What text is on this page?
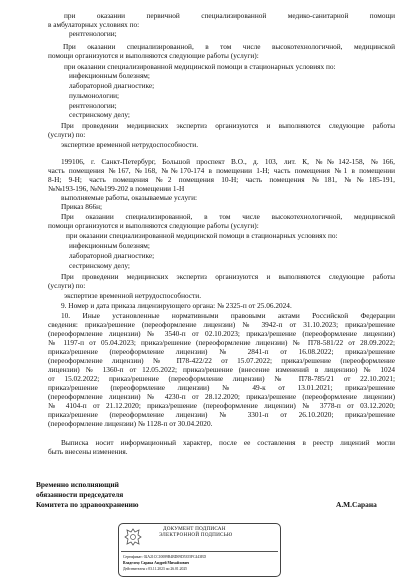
при оказании первичной специализированной медико-санитарной помощи
в амбулаторных условиях по:
рентгенологии;
При оказании специализированной, в том числе высокотехнологичной, медицинской
помощи организуются и выполняются следующие работы (услуги):
при оказании специализированной медицинской помощи в стационарных условиях по:
инфекционным болезням;
лабораторной диагностике;
пульмонологии;
рентгенологии;
сестринскому делу;
При проведении медицинских экспертиз организуются и выполняются следующие работы
(услуги) по:
экспертизе временной нетрудоспособности.
199106, г. Санкт-Петербург, Большой проспект В.О., д. 103, лит. К, №№142-158, №166,
часть помещения №167, №168, №№170-174 в помещении 1-Н; часть помещения №1 в помещении
8-Н; 9-Н; часть помещения №2 помещения 10-Н; часть помещения №181, №№185-191,
№№193-196, №№199-202 в помещении 1-Н
выполняемые работы, оказываемые услуги:
Приказ 866н;
При оказании специализированной, в том числе высокотехнологичной, медицинской
помощи организуются и выполняются следующие работы (услуги):
при оказании специализированной медицинской помощи в стационарных условиях по:
инфекционным болезням;
лабораторной диагностике;
сестринскому делу;
При проведении медицинских экспертиз организуются и выполняются следующие работы
(услуги) по:
экспертизе временной нетрудоспособности.
9. Номер и дата приказа лицензирующего органа: № 2325-п от 25.06.2024.
10. Иные установленные нормативными правовыми актами Российской Федерации
сведения: приказ/решение (переоформление лицензии) № 3942-п от 31.10.2023; приказ/решение
(переоформление лицензии) № 3540-п от 02.10.2023; приказ/решение (переоформление лицензии)
№ 1197-п от 05.04.2023; приказ/решение (переоформление лицензии) № П78-581/22 от 28.09.2022;
приказ/решение (переоформление лицензии) № 2841-п от 16.08.2022; приказ/решение
(переоформление лицензии) № П78-422/22 от 15.07.2022; приказ/решение (переоформление
лицензии) № 1360-п от 12.05.2022; приказ/решение (внесение изменений в лицензию) № 1024
от 15.02.2022; приказ/решение (переоформление лицензии) № П78-785/21 от 22.10.2021;
приказ/решение (переоформление лицензии) № 49-к от 13.01.2021; приказ/решение
(переоформление лицензии) № 4230-п от 28.12.2020; приказ/решение (переоформление лицензии)
№ 4104-п от 21.12.2020; приказ/решение (переоформление лицензии) № 3778-п от 03.12.2020;
приказ/решение (переоформление лицензии) № 3301-п от 26.10.2020; приказ/решение
(переоформление лицензии) № 1128-п от 30.04.2020.
Выписка носит информационный характер, после ее составления в реестр лицензий могли
быть внесены изменения.
Временно исполняющий
обязанности председателя
Комитета по здравоохранению	А.М.Сарана
ДОКУМЕНТ ПОДПИСАН
ЭЛЕКТРОННОЙ ПОДПИСЬЮ
Сертификат: 02A21CC10089B4BD09D5355FC443ED
Владелец: Сарана Андрей Михайлович
Действителен с 03.11.2023 по 26.01.2025
